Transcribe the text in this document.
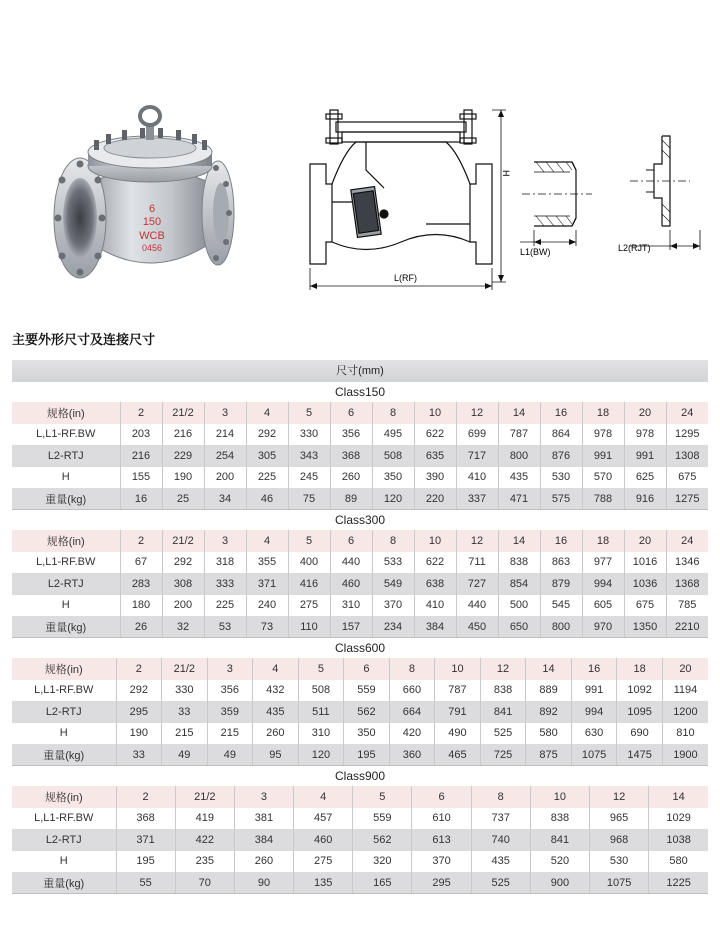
6
150
WCB
0456
H
L(RF)
L1(BW)	L2(RJT)
主要外形尺寸及连接尺寸
尺寸(mm)
Class150
规格(in)	2	21/2	3	4	5	6	8	10	12	14	16	18	20	24
L,L1-RF.BW	203	216	214	292	330	356	495	622	699	787	864	978	978	1295
L2-RTJ	216	229	254	305	343	368	508	635	717	800	876	991	991	1308
H	155	190	200	225	245	260	350	390	410	435	530	570	625	675
重量(kg)	16	25	34	46	75	89	120	220	337	471	575	788	916	1275
Class300
规格(in)	2	21/2	3	4	5	6	8	10	12	14	16	18	20	24
L,L1-RF.BW	67	292	318	355	400	440	533	622	711	838	863	977	1016	1346
L2-RTJ	283	308	333	371	416	460	549	638	727	854	879	994	1036	1368
H	180	200	225	240	275	310	370	410	440	500	545	605	675	785
重量(kg)	26	32	53	73	110	157	234	384	450	650	800	970	1350	2210
Class600
规格(in)	2	21/2	3	4	5	6	8	10	12	14	16	18	20
L,L1-RF.BW	292	330	356	432	508	559	660	787	838	889	991	1092	1194
L2-RTJ	295	33	359	435	511	562	664	791	841	892	994	1095	1200
H	190	215	215	260	310	350	420	490	525	580	630	690	810
重量(kg)	33	49	49	95	120	195	360	465	725	875	1075	1475	1900
Class900
规格(in)	2	21/2	3	4	5	6	8	10	12	14
L,L1-RF.BW	368	419	381	457	559	610	737	838	965	1029
L2-RTJ	371	422	384	460	562	613	740	841	968	1038
H	195	235	260	275	320	370	435	520	530	580
重量(kg)	55	70	90	135	165	295	525	900	1075	1225
